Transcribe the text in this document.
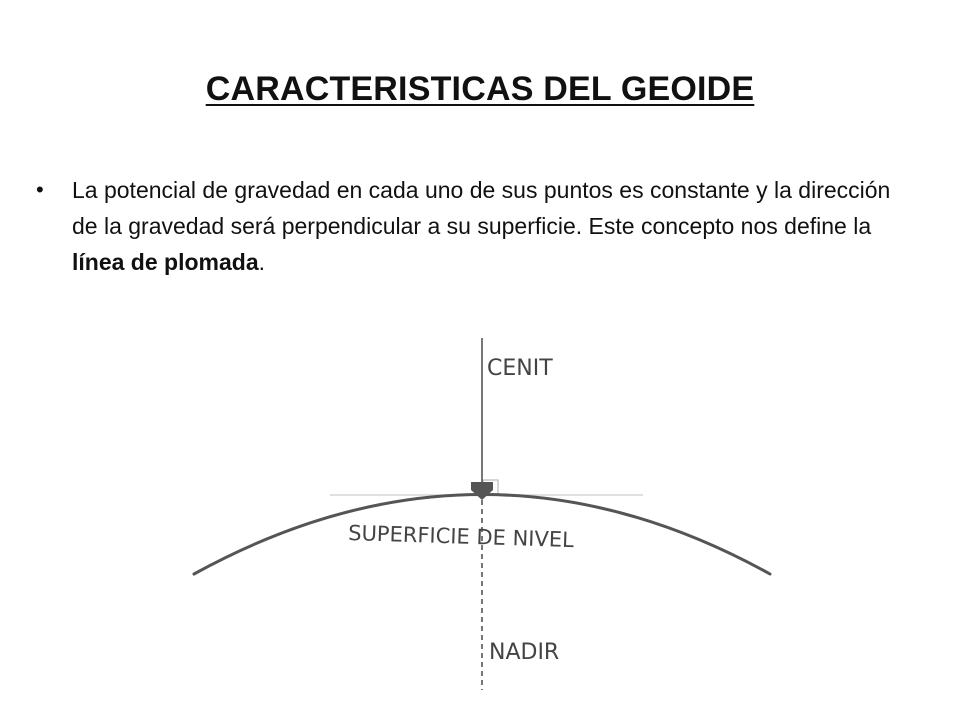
CARACTERISTICAS DEL GEOIDE
• La potencial de gravedad en cada uno de sus puntos es constante y la dirección de la gravedad será perpendicular a su superficie. Este concepto nos define la línea de plomada.
CENIT
SUPERFICIE DE NIVEL
NADIR
